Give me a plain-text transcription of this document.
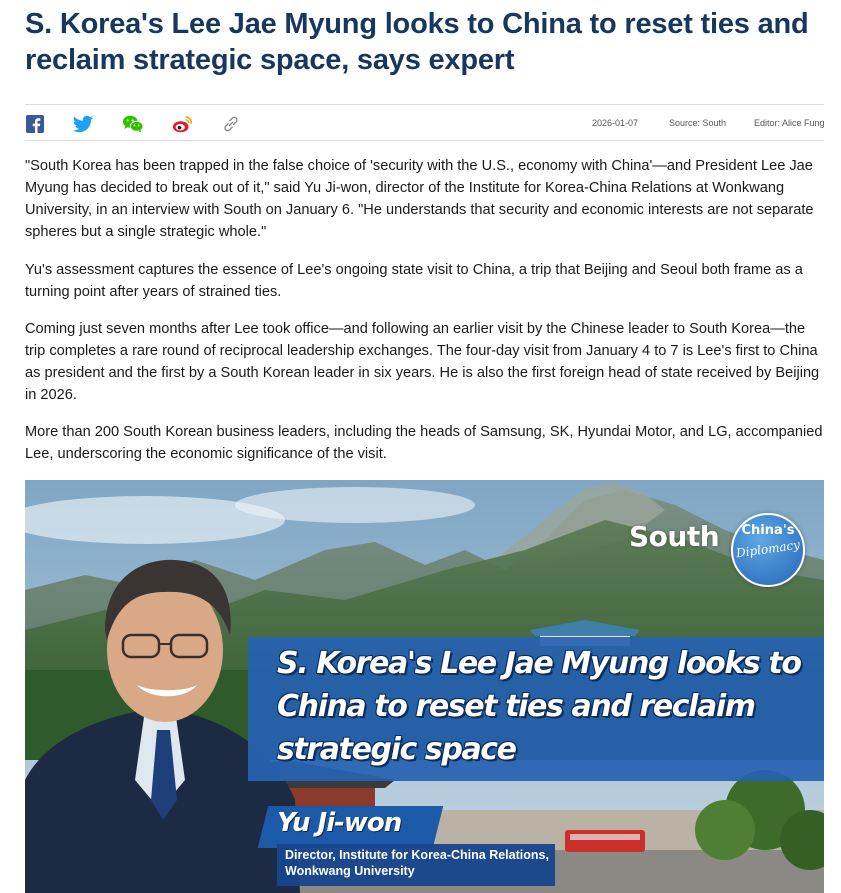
S. Korea's Lee Jae Myung looks to China to reset ties and reclaim strategic space, says expert
2026-01-07	Source: South	Editor: Alice Fung

"South Korea has been trapped in the false choice of 'security with the U.S., economy with China'—and President Lee Jae Myung has decided to break out of it," said Yu Ji-won, director of the Institute for Korea-China Relations at Wonkwang University, in an interview with South on January 6. "He understands that security and economic interests are not separate spheres but a single strategic whole."

Yu's assessment captures the essence of Lee's ongoing state visit to China, a trip that Beijing and Seoul both frame as a turning point after years of strained ties.

Coming just seven months after Lee took office—and following an earlier visit by the Chinese leader to South Korea—the trip completes a rare round of reciprocal leadership exchanges. The four-day visit from January 4 to 7 is Lee's first to China as president and the first by a South Korean leader in six years. He is also the first foreign head of state received by Beijing in 2026.

More than 200 South Korean business leaders, including the heads of Samsung, SK, Hyundai Motor, and LG, accompanied Lee, underscoring the economic significance of the visit.

South	China's
Diplomacy
S. Korea's Lee Jae Myung looks to China to reset ties and reclaim strategic space
Yu Ji-won
Director, Institute for Korea-China Relations, Wonkwang University
